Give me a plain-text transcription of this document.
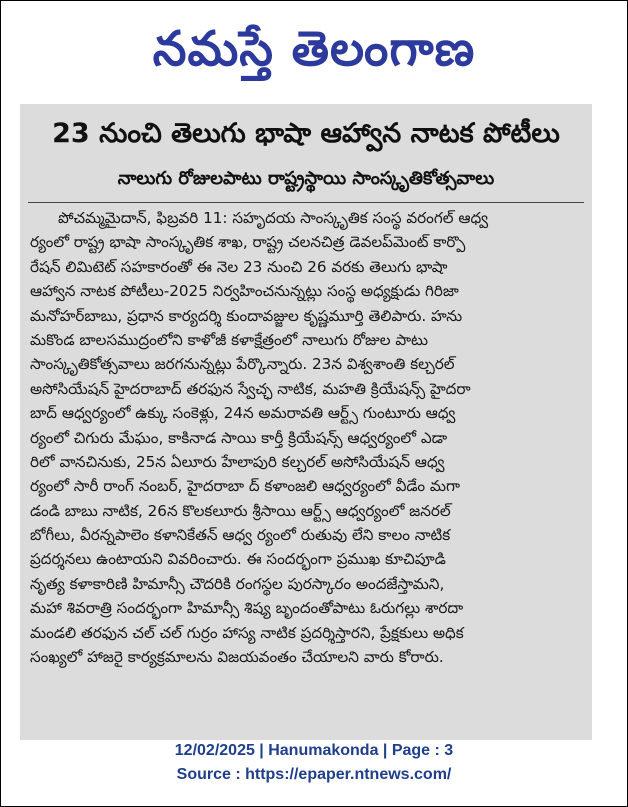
నమస్తే తెలంగాణ
23 నుంచి తెలుగు భాషా ఆహ్వాన నాటక పోటీలు
నాలుగు రోజులపాటు రాష్ట్రస్థాయి సాంస్కృతికోత్సవాలు
పోచమ్మమైదాన్, ఫిబ్రవరి 11: సహృదయ సాంస్కృతిక సంస్థ వరంగల్ ఆధ్వ
ర్యంలో రాష్ట్ర భాషా సాంస్కృతిక శాఖ, రాష్ట్ర చలనచిత్ర డెవలప్‌మెంట్ కార్పొ
రేషన్ లిమిటెట్ సహకారంతో ఈ నెల 23 నుంచి 26 వరకు తెలుగు భాషా
ఆహ్వాన నాటక పోటీలు-2025 నిర్వహించనున్నట్లు సంస్థ అధ్యక్షుడు గిరిజా
మనోహర్‌బాబు, ప్రధాన కార్యదర్శి కుందావజ్జుల కృష్ణమూర్తి తెలిపారు. హను
మకొండ బాలసముద్రంలోని కాళోజీ కళాక్షేత్రంలో నాలుగు రోజుల పాటు
సాంస్కృతికోత్సవాలు జరగనున్నట్లు పేర్కొన్నారు. 23న విశ్వశాంతి కల్చరల్
అసోసియేషన్ హైదరాబాద్ తరఫున స్వేచ్ఛ నాటిక, మహతి క్రియేషన్స్ హైదరా
బాద్ ఆధ్వర్యంలో ఉక్కు సంకెళ్లు, 24న అమరావతి ఆర్ట్స్ గుంటూరు ఆధ్వ
ర్యంలో చిగురు మేఘం, కాకినాడ సాయి కార్తీ క్రియేషన్స్ ఆధ్వర్యంలో ఎడా
రిలో వానచినుకు, 25న ఏలూరు హేలాపురి కల్చరల్ అసోసియేషన్ ఆధ్వ
ర్యంలో సారీ రాంగ్ నంబర్, హైదరాబా ద్ కళాంజలి ఆధ్వర్యంలో వీడేం మగా
డండి బాబు నాటిక, 26న కొలకలూరు శ్రీసాయి ఆర్ట్స్ ఆధ్వర్యంలో జనరల్
బోగీలు, వీరన్నపాలెం కళానికేతన్ ఆధ్వ ర్యంలో రుతువు లేని కాలం నాటిక
ప్రదర్శనలు ఉంటాయని వివరించారు. ఈ సందర్భంగా ప్రముఖ కూచిపూడి
నృత్య కళాకారిణి హిమాన్సీ చౌదరికి రంగస్థల పురస్కారం అందజేస్తామని,
మహా శివరాత్రి సందర్భంగా హిమాన్సీ శిష్య బృందంతోపాటు ఓరుగల్లు శారదా
మండలి తరఫున చల్ చల్ గుర్రం హాస్య నాటిక ప్రదర్శిస్తారని, ప్రేక్షకులు అధిక
సంఖ్యలో హాజరై కార్యక్రమాలను విజయవంతం చేయాలని వారు కోరారు.
12/02/2025 | Hanumakonda | Page : 3
Source : https://epaper.ntnews.com/
